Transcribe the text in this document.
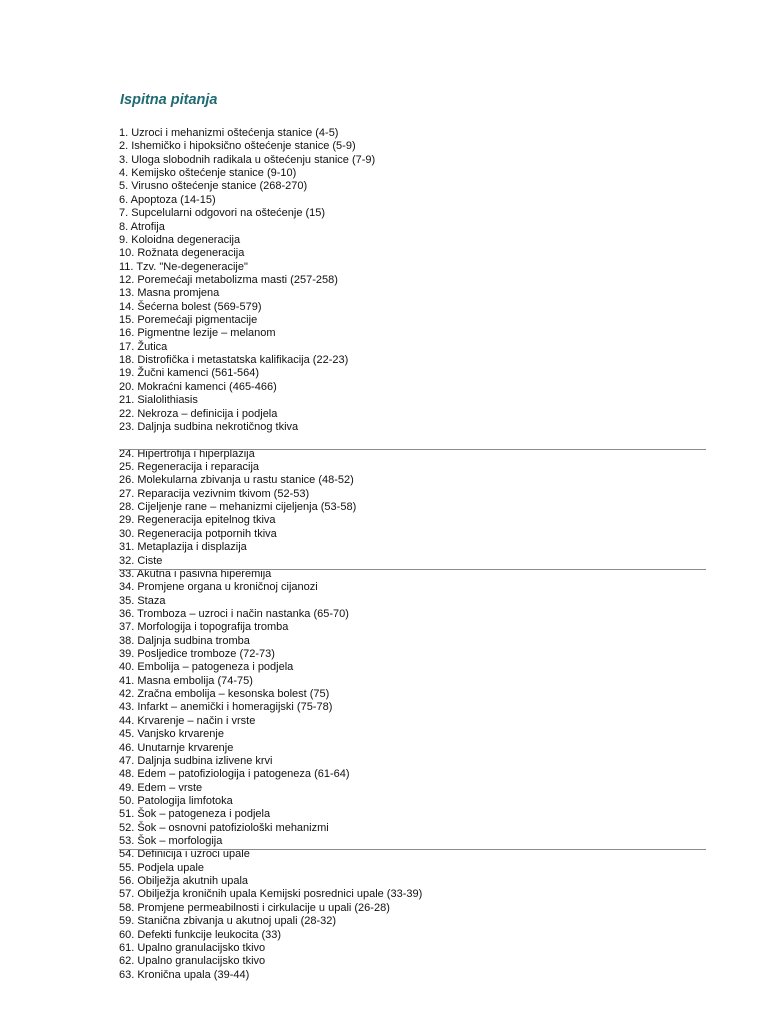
Ispitna pitanja
1. Uzroci i mehanizmi oštećenja stanice (4-5)
2. Ishemičko i hipoksično oštećenje stanice (5-9)
3. Uloga slobodnih radikala u oštećenju stanice (7-9)
4. Kemijsko oštećenje stanice (9-10)
5. Virusno oštećenje stanice (268-270)
6. Apoptoza (14-15)
7. Supcelularni odgovori na oštećenje (15)
8. Atrofija
9. Koloidna degeneracija
10. Rožnata degeneracija
11. Tzv. "Ne-degeneracije"
12. Poremećaji metabolizma masti (257-258)
13. Masna promjena
14. Šećerna bolest (569-579)
15. Poremećaji pigmentacije
16. Pigmentne lezije – melanom
17. Žutica
18. Distrofička i metastatska kalifikacija (22-23)
19. Žučni kamenci (561-564)
20. Mokraćni kamenci (465-466)
21. Sialolithiasis
22. Nekroza – definicija i podjela
23. Daljnja sudbina nekrotičnog tkiva
24. Hipertrofija i hiperplazija
25. Regeneracija i reparacija
26. Molekularna zbivanja u rastu stanice (48-52)
27. Reparacija vezivnim tkivom (52-53)
28. Cijeljenje rane – mehanizmi cijeljenja (53-58)
29. Regeneracija epitelnog tkiva
30. Regeneracija potpornih tkiva
31. Metaplazija i displazija
32. Ciste
33. Akutna i pasivna hiperemija
34. Promjene organa u kroničnoj cijanozi
35. Staza
36. Tromboza – uzroci i način nastanka (65-70)
37. Morfologija i topografija tromba
38. Daljnja sudbina tromba
39. Posljedice tromboze (72-73)
40. Embolija – patogeneza i podjela
41. Masna embolija (74-75)
42. Zračna embolija – kesonska bolest (75)
43. Infarkt – anemički i homeragijski (75-78)
44. Krvarenje – način i vrste
45. Vanjsko krvarenje
46. Unutarnje krvarenje
47. Daljnja sudbina izlivene krvi
48. Edem – patofiziologija i patogeneza (61-64)
49. Edem – vrste
50. Patologija limfotoka
51. Šok – patogeneza i podjela
52. Šok – osnovni patofiziološki mehanizmi
53. Šok – morfologija
54. Definicija i uzroci upale
55. Podjela upale
56. Obilježja akutnih upala
57. Obilježja kroničnih upala Kemijski posrednici upale (33-39)
58. Promjene permeabilnosti i cirkulacije u upali (26-28)
59. Stanična zbivanja u akutnoj upali (28-32)
60. Defekti funkcije leukocita (33)
61. Upalno granulacijsko tkivo
62. Upalno granulacijsko tkivo
63. Kronična upala (39-44)
